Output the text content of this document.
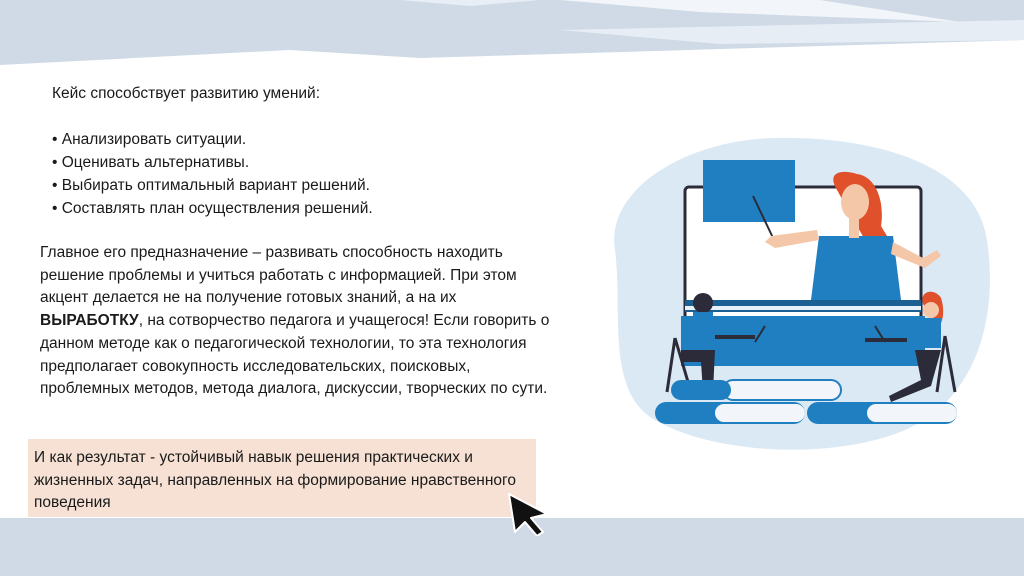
Кейс способствует развитию умений:
• Анализировать ситуации.
• Оценивать альтернативы.
• Выбирать оптимальный вариант решений.
• Составлять план осуществления решений.
Главное его предназначение – развивать способность находить решение проблемы и учиться работать с информацией. При этом акцент делается не на получение готовых знаний, а на их ВЫРАБОТКУ, на сотворчество педагога и учащегося! Если говорить о данном методе как о педагогической технологии, то эта технология предполагает совокупность исследовательских, поисковых, проблемных методов, метода диалога, дискуссии, творческих по сути.
И как результат - устойчивый навык решения практических и жизненных задач, направленных на формирование нравственного поведения
